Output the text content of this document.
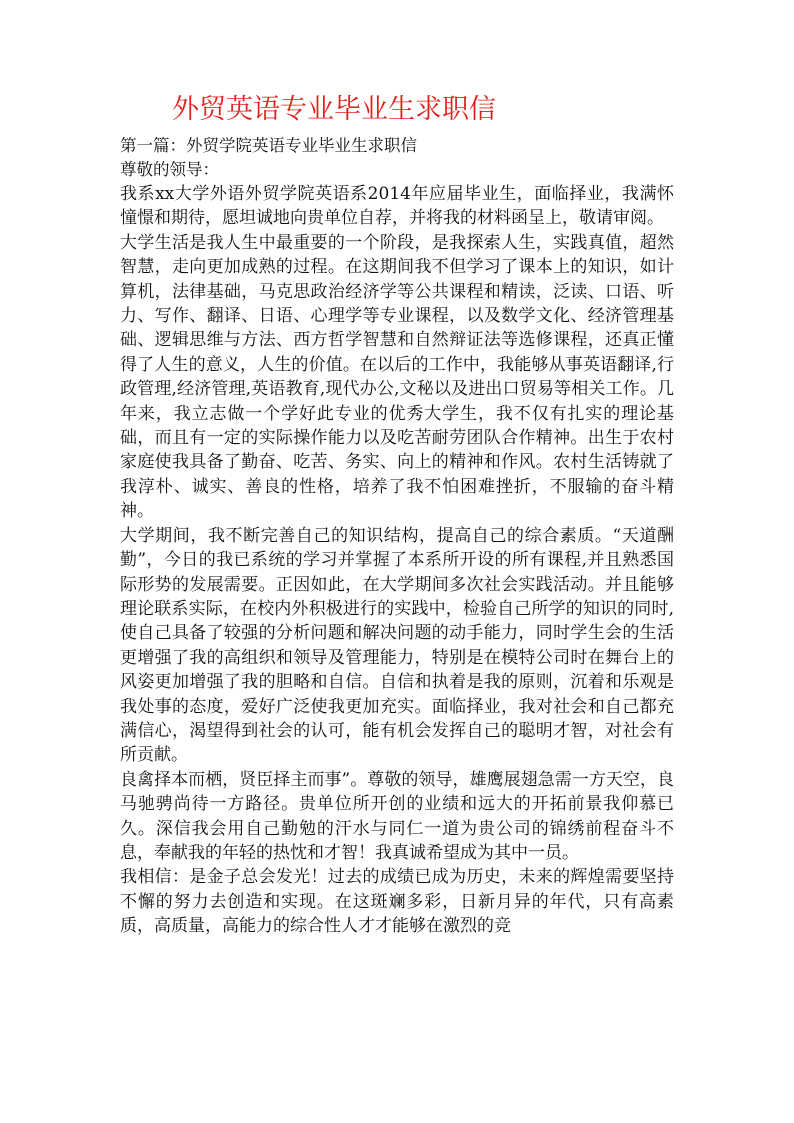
外贸英语专业毕业生求职信
第一篇：外贸学院英语专业毕业生求职信
尊敬的领导：

我系xx大学外语外贸学院英语系2014年应届毕业生，面临择业，我满怀憧憬和期待，愿坦诚地向贵单位自荐，并将我的材料函呈上，敬请审阅。

大学生活是我人生中最重要的一个阶段，是我探索人生，实践真值，超然智慧，走向更加成熟的过程。在这期间我不但学习了课本上的知识，如计算机，法律基础，马克思政治经济学等公共课程和精读，泛读、口语、听力、写作、翻译、日语、心理学等专业课程，以及数学文化、经济管理基础、逻辑思维与方法、西方哲学智慧和自然辩证法等选修课程，还真正懂得了人生的意义，人生的价值。在以后的工作中，我能够从事英语翻译,行政管理,经济管理,英语教育,现代办公,文秘以及进出口贸易等相关工作。几年来，我立志做一个学好此专业的优秀大学生，我不仅有扎实的理论基础，而且有一定的实际操作能力以及吃苦耐劳团队合作精神。出生于农村家庭使我具备了勤奋、吃苦、务实、向上的精神和作风。农村生活铸就了我淳朴、诚实、善良的性格，培养了我不怕困难挫折，不服输的奋斗精神。

大学期间，我不断完善自己的知识结构，提高自己的综合素质。“天道酬勤”，今日的我已系统的学习并掌握了本系所开设的所有课程,并且熟悉国际形势的发展需要。正因如此，在大学期间多次社会实践活动。并且能够理论联系实际，在校内外积极进行的实践中，检验自己所学的知识的同时,使自己具备了较强的分析问题和解决问题的动手能力，同时学生会的生活更增强了我的高组织和领导及管理能力，特别是在模特公司时在舞台上的风姿更加增强了我的胆略和自信。自信和执着是我的原则，沉着和乐观是我处事的态度，爱好广泛使我更加充实。面临择业，我对社会和自己都充满信心，渴望得到社会的认可，能有机会发挥自己的聪明才智，对社会有所贡献。

良禽择本而栖，贤臣择主而事”。尊敬的领导，雄鹰展翅急需一方天空，良马驰骋尚待一方路径。贵单位所开创的业绩和远大的开拓前景我仰慕已久。深信我会用自己勤勉的汗水与同仁一道为贵公司的锦绣前程奋斗不息，奉献我的年轻的热忱和才智！我真诚希望成为其中一员。

我相信：是金子总会发光！过去的成绩已成为历史，未来的辉煌需要坚持不懈的努力去创造和实现。在这斑斓多彩，日新月异的年代，只有高素质，高质量，高能力的综合性人才才能够在激烈的竞
